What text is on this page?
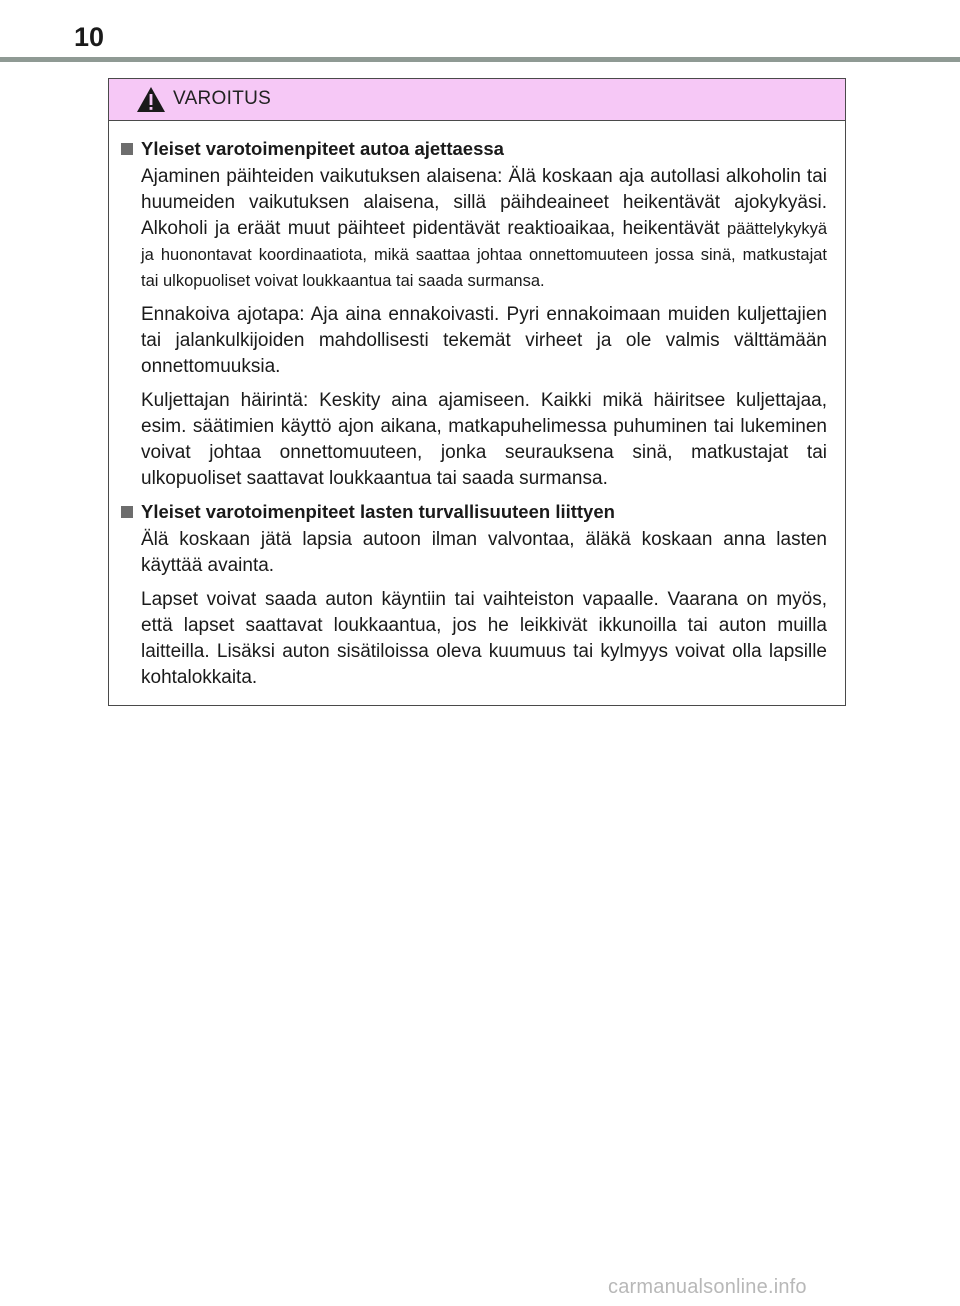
10
VAROITUS
Yleiset varotoimenpiteet autoa ajettaessa

Ajaminen päihteiden vaikutuksen alaisena: Älä koskaan aja autollasi alkoholin tai huumeiden vaikutuksen alaisena, sillä päihdeaineet heikentävät ajokykyäsi. Alkoholi ja eräät muut päihteet pidentävät reaktioaikaa, heikentävät päättelykykyä ja huonontavat koordinaatiota, mikä saattaa johtaa onnettomuuteen jossa sinä, matkustajat tai ulkopuoliset voivat loukkaantua tai saada surmansa.

Ennakoiva ajotapa: Aja aina ennakoivasti. Pyri ennakoimaan muiden kuljettajien tai jalankulkijoiden mahdollisesti tekemät virheet ja ole valmis välttämään onnettomuuksia.

Kuljettajan häirintä: Keskity aina ajamiseen. Kaikki mikä häiritsee kuljettajaa, esim. säätimien käyttö ajon aikana, matkapuhelimessa puhuminen tai lukeminen voivat johtaa onnettomuuteen, jonka seurauksena sinä, matkustajat tai ulkopuoliset saattavat loukkaantua tai saada surmansa.

Yleiset varotoimenpiteet lasten turvallisuuteen liittyen

Älä koskaan jätä lapsia autoon ilman valvontaa, äläkä koskaan anna lasten käyttää avainta.

Lapset voivat saada auton käyntiin tai vaihteiston vapaalle. Vaarana on myös, että lapset saattavat loukkaantua, jos he leikkivät ikkunoilla tai auton muilla laitteilla. Lisäksi auton sisätiloissa oleva kuumuus tai kylmyys voivat olla lapsille kohtalokkaita.

carmanualsonline.info
